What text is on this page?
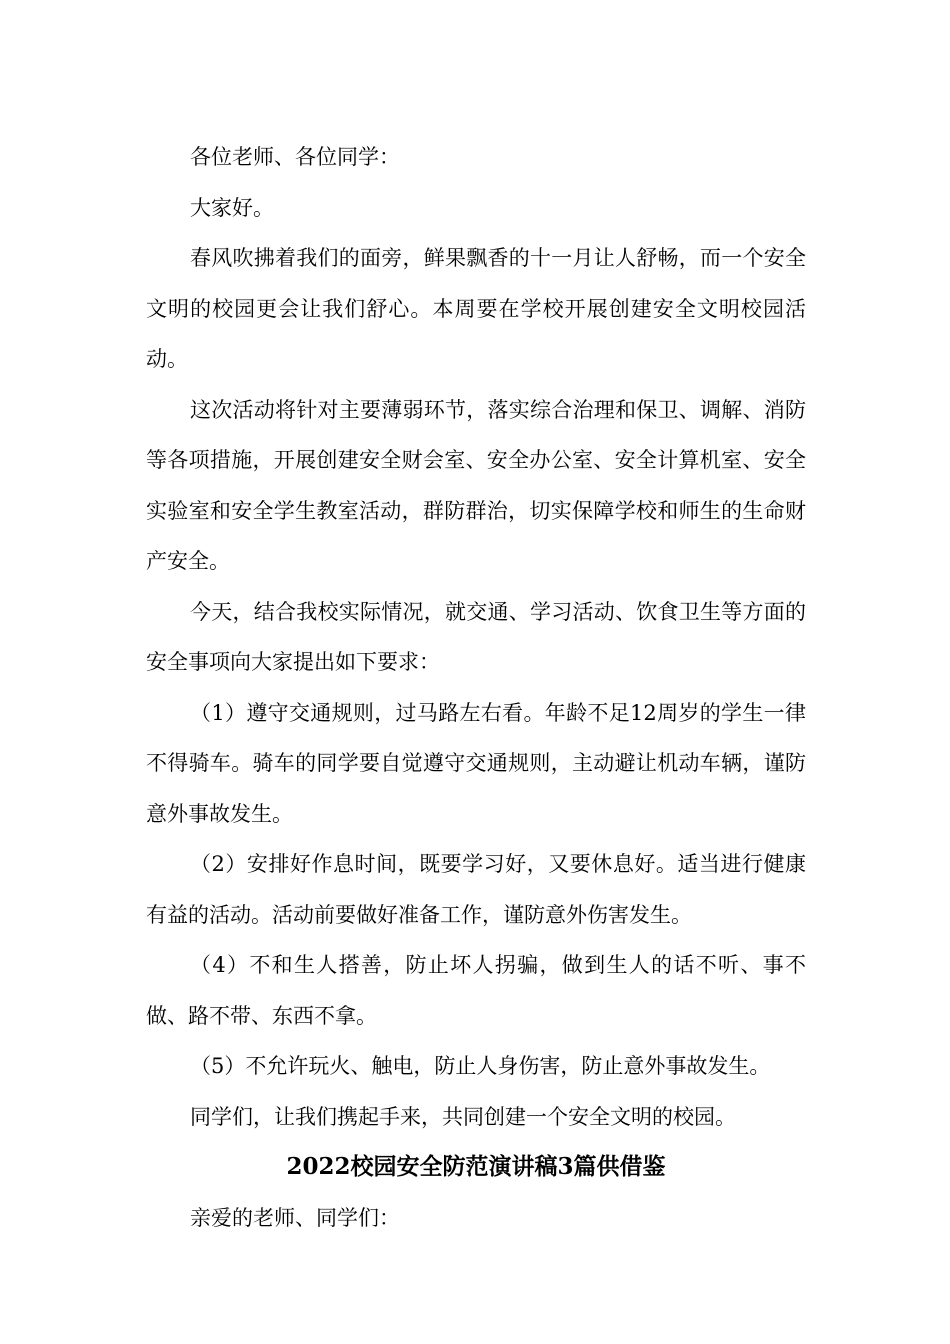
各位老师、各位同学：

大家好。

春风吹拂着我们的面旁，鲜果飘香的十一月让人舒畅，而一个安全文明的校园更会让我们舒心。本周要在学校开展创建安全文明校园活动。

这次活动将针对主要薄弱环节，落实综合治理和保卫、调解、消防等各项措施，开展创建安全财会室、安全办公室、安全计算机室、安全实验室和安全学生教室活动，群防群治，切实保障学校和师生的生命财产安全。

今天，结合我校实际情况，就交通、学习活动、饮食卫生等方面的安全事项向大家提出如下要求：

（1）遵守交通规则，过马路左右看。年龄不足12周岁的学生一律不得骑车。骑车的同学要自觉遵守交通规则，主动避让机动车辆，谨防意外事故发生。

（2）安排好作息时间，既要学习好，又要休息好。适当进行健康有益的活动。活动前要做好准备工作，谨防意外伤害发生。

（4）不和生人搭善，防止坏人拐骗，做到生人的话不听、事不做、路不带、东西不拿。

（5）不允许玩火、触电，防止人身伤害，防止意外事故发生。

同学们，让我们携起手来，共同创建一个安全文明的校园。

2022校园安全防范演讲稿3篇供借鉴

亲爱的老师、同学们：
